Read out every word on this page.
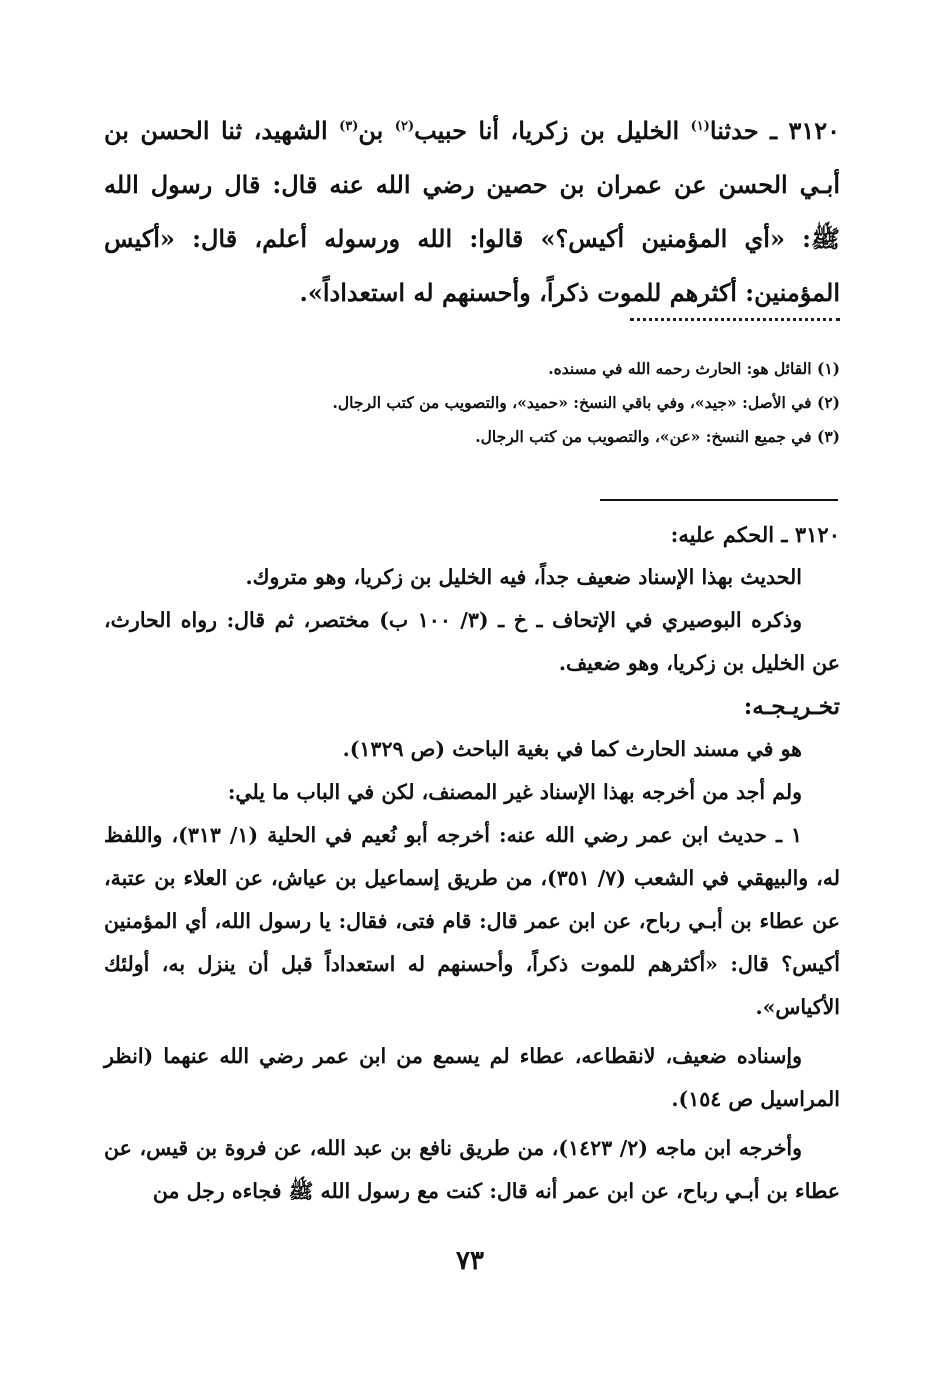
٣١٢٠ ـ حدثنا$^{(١)}$ الخليل بن زكريا، أنا حبيب$^{(٢)}$ بن$^{(٣)}$ الشهيد، ثنا الحسن بن أبـي الحسن عن عمران بن حصين رضي الله عنه قال: قال رسول الله ﷺ: «أي المؤمنين أكيس؟» قالوا: الله ورسوله أعلم، قال: «أكيس المؤمنين: أكثرهم للموت ذكراً، وأحسنهم له استعداداً».

(١) القائل هو: الحارث رحمه الله في مسنده.

(٢) في الأصل: «جيد»، وفي باقي النسخ: «حميد»، والتصويب من كتب الرجال.

(٣) في جميع النسخ: «عن»، والتصويب من كتب الرجال.

٣١٢٠ ـ الحكم عليه:

الحديث بهذا الإسناد ضعيف جداً، فيه الخليل بن زكريا، وهو متروك.

وذكره البوصيري في الإتحاف ـ خ ـ (٣/ ١٠٠ ب) مختصر، ثم قال: رواه الحارث، عن الخليل بن زكريا، وهو ضعيف.

تخـريـجـه:

هو في مسند الحارث كما في بغية الباحث (ص ١٣٢٩).

ولم أجد من أخرجه بهذا الإسناد غير المصنف، لكن في الباب ما يلي:

١ ـ حديث ابن عمر رضي الله عنه: أخرجه أبو نُعيم في الحلية (١/ ٣١٣)، واللفظ له، والبيهقي في الشعب (٧/ ٣٥١)، من طريق إسماعيل بن عياش، عن العلاء بن عتبة، عن عطاء بن أبـي رباح، عن ابن عمر قال: قام فتى، فقال: يا رسول الله، أي المؤمنين أكيس؟ قال: «أكثرهم للموت ذكراً، وأحسنهم له استعداداً قبل أن ينزل به، أولئك الأكياس».

وإسناده ضعيف، لانقطاعه، عطاء لم يسمع من ابن عمر رضي الله عنهما (انظر المراسيل ص ١٥٤).

وأخرجه ابن ماجه (٢/ ١٤٢٣)، من طريق نافع بن عبد الله، عن فروة بن قيس، عن عطاء بن أبـي رباح، عن ابن عمر أنه قال: كنت مع رسول الله ﷺ فجاءه رجل من

٧٣
